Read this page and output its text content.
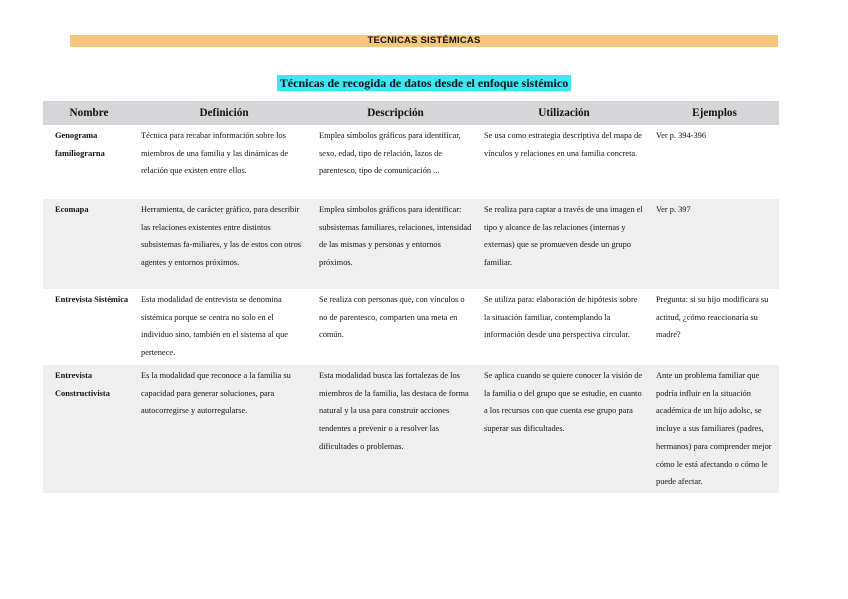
TECNICAS SISTÉMICAS
Técnicas de recogida de datos desde el enfoque sistémico
Nombre	Definición	Descripción	Utilización	Ejemplos
Genograma familiograrna	Técnica para recabar información sobre los miembros de una familia y las dinámicas de relación que existen entre ellos.	Emplea símbolos gráficos para identificar, sexo, edad, tipo de relación, lazos de parentesco, tipo de comunicación ...	Se usa como estrategia descriptiva del mapa de vínculos y relaciones en una familia concreta.	Ver p. 394-396
Ecomapa	Herramienta, de carácter gráfico, para describir las relaciones existentes entre distintos subsistemas fa-miliares, y las de estos con otros agentes y entornos próximos.	Emplea símbolos gráficos para identificar: subsistemas familiares, relaciones, intensidad de las mismas y personas y entornos próximos.	Se realiza para captar a través de una imagen el tipo y alcance de las relaciones (internas y externas) que se promueven desde un grupo familiar.	Ver p. 397
Entrevista Sistémica	Esta modalidad de entrevista se denomina sistémica porque se centra no solo en el individuo sino, también en el sistema al que pertenece.	Se realiza con personas que, con vínculos o no de parentesco, comparten una meta en común.	Se utiliza para: elaboración de hipótesis sobre la situación familiar, contemplando la información desde una perspectiva circular.	Pregunta: si su hijo modificara su actitud, ¿cómo reaccionaría su madre?
Entrevista Constructivista	Es la modalidad que reconoce a la familia su capacidad para generar soluciones, para autocorregirse y autorregularse.	Esta modalidad busca las fortalezas de los miembros de la familia, las destaca de forma natural y la usa para construir acciones tendentes a prevenir o a resolver las dificultades o problemas.	Se aplica cuando se quiere conocer la visión de la familia o del grupo que se estudie, en cuanto a los recursos con que cuenta ese grupo para superar sus dificultades.	Ante un problema familiar que podría influir en la situación académica de un hijo adolsc, se incluye a sus familiares (padres, hermanos) para comprender mejor cómo le está afectando o cómo le puede afectar.
